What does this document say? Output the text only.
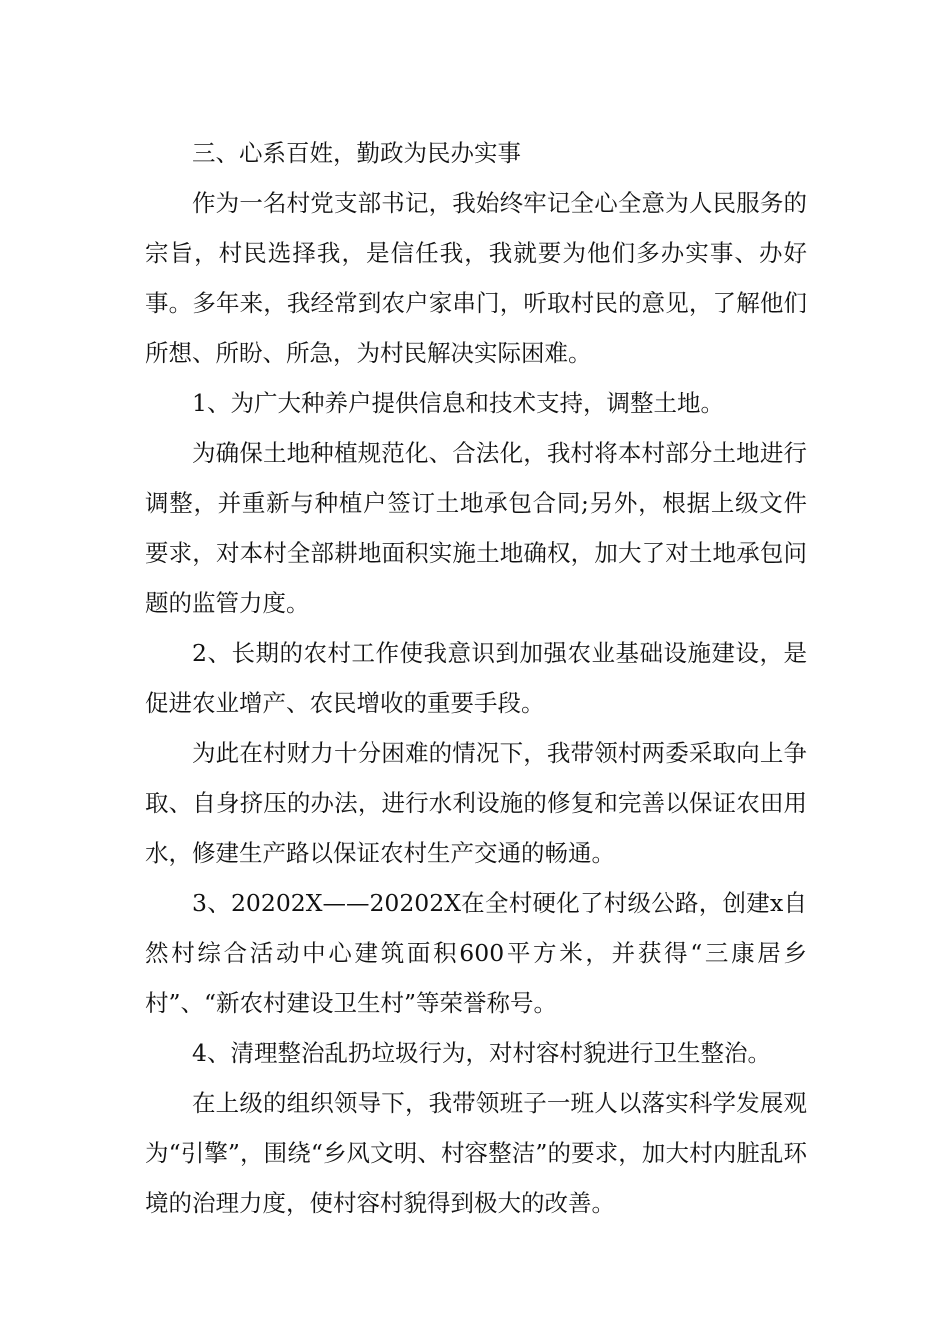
三、心系百姓，勤政为民办实事

作为一名村党支部书记，我始终牢记全心全意为人民服务的宗旨，村民选择我，是信任我，我就要为他们多办实事、办好事。多年来，我经常到农户家串门，听取村民的意见，了解他们所想、所盼、所急，为村民解决实际困难。

1、为广大种养户提供信息和技术支持，调整土地。

为确保土地种植规范化、合法化，我村将本村部分土地进行调整，并重新与种植户签订土地承包合同;另外，根据上级文件要求，对本村全部耕地面积实施土地确权，加大了对土地承包问题的监管力度。

2、长期的农村工作使我意识到加强农业基础设施建设，是促进农业增产、农民增收的重要手段。

为此在村财力十分困难的情况下，我带领村两委采取向上争取、自身挤压的办法，进行水利设施的修复和完善以保证农田用水，修建生产路以保证农村生产交通的畅通。

3、20202X——20202X在全村硬化了村级公路，创建x自然村综合活动中心建筑面积600平方米，并获得“三康居乡村”、“新农村建设卫生村”等荣誉称号。

4、清理整治乱扔垃圾行为，对村容村貌进行卫生整治。

在上级的组织领导下，我带领班子一班人以落实科学发展观为“引擎”，围绕“乡风文明、村容整洁”的要求，加大村内脏乱环境的治理力度，使村容村貌得到极大的改善。
